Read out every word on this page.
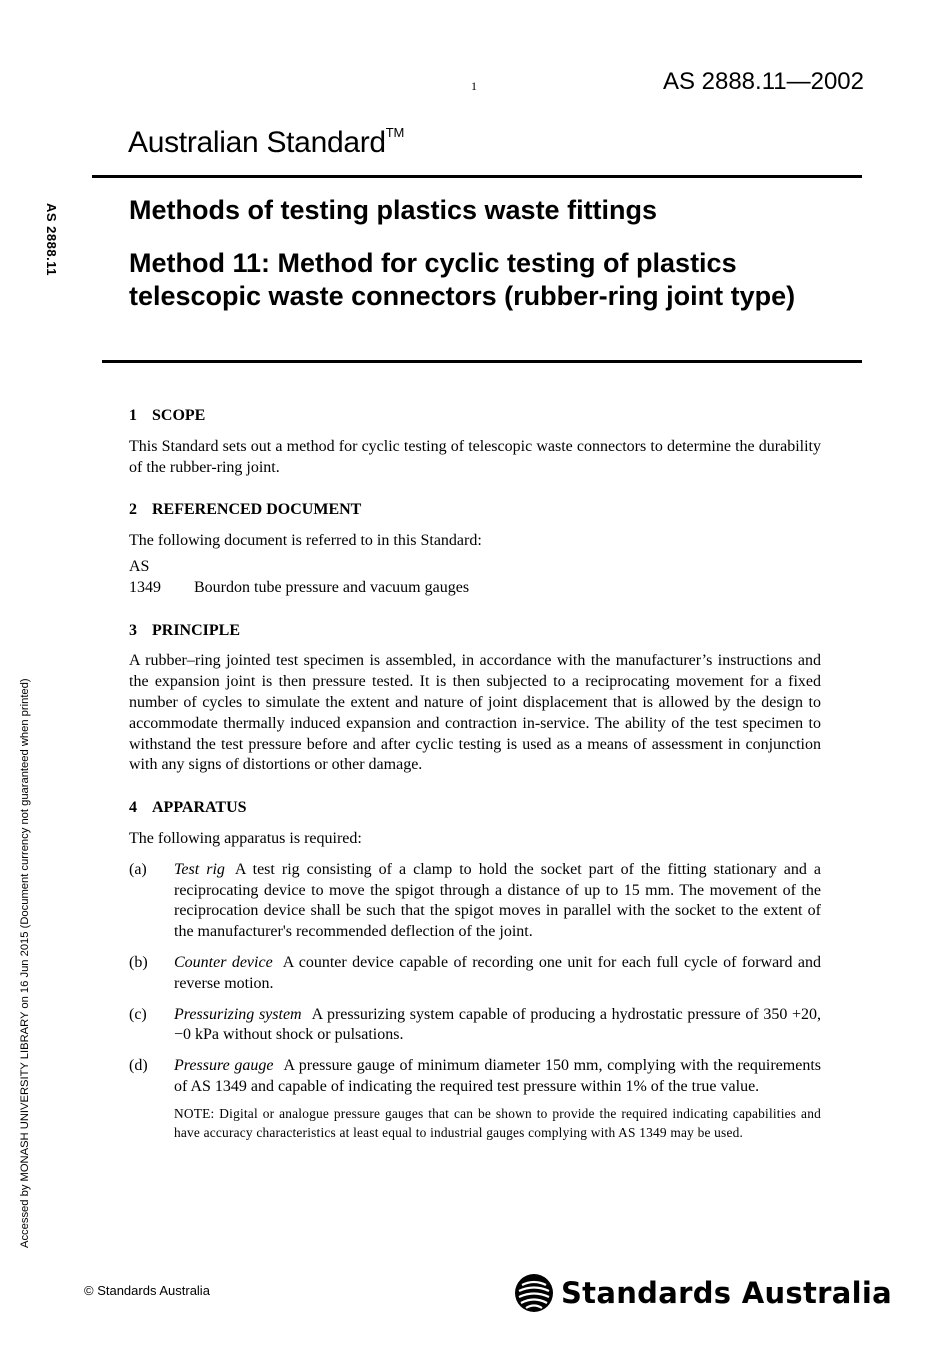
1	AS 2888.11—2002
Australian Standard™
Methods of testing plastics waste fittings
Method 11: Method for cyclic testing of plastics telescopic waste connectors (rubber-ring joint type)
AS 2888.11
Accessed by MONASH UNIVERSITY LIBRARY on 16 Jun 2015 (Document currency not guaranteed when printed)
1 SCOPE

This Standard sets out a method for cyclic testing of telescopic waste connectors to determine the durability of the rubber-ring joint.

2 REFERENCED DOCUMENT

The following document is referred to in this Standard:

AS
1349	Bourdon tube pressure and vacuum gauges
3 PRINCIPLE

A rubber–ring jointed test specimen is assembled, in accordance with the manufacturer’s instructions and the expansion joint is then pressure tested. It is then subjected to a reciprocating movement for a fixed number of cycles to simulate the extent and nature of joint displacement that is allowed by the design to accommodate thermally induced expansion and contraction in-service. The ability of the test specimen to withstand the test pressure before and after cyclic testing is used as a means of assessment in conjunction with any signs of distortions or other damage.

4 APPARATUS

The following apparatus is required:

(a)	Test rig A test rig consisting of a clamp to hold the socket part of the fitting stationary and a reciprocating device to move the spigot through a distance of up to 15 mm. The movement of the reciprocation device shall be such that the spigot moves in parallel with the socket to the extent of the manufacturer's recommended deflection of the joint.
(b)	Counter device A counter device capable of recording one unit for each full cycle of forward and reverse motion.
(c)	Pressurizing system A pressurizing system capable of producing a hydrostatic pressure of 350 +20, −0 kPa without shock or pulsations.
(d)	Pressure gauge A pressure gauge of minimum diameter 150 mm, complying with the requirements of AS 1349 and capable of indicating the required test pressure within 1% of the true value.

NOTE: Digital or analogue pressure gauges that can be shown to provide the required indicating capabilities and have accuracy characteristics at least equal to industrial gauges complying with AS 1349 may be used.

© Standards Australia	Standards Australia
